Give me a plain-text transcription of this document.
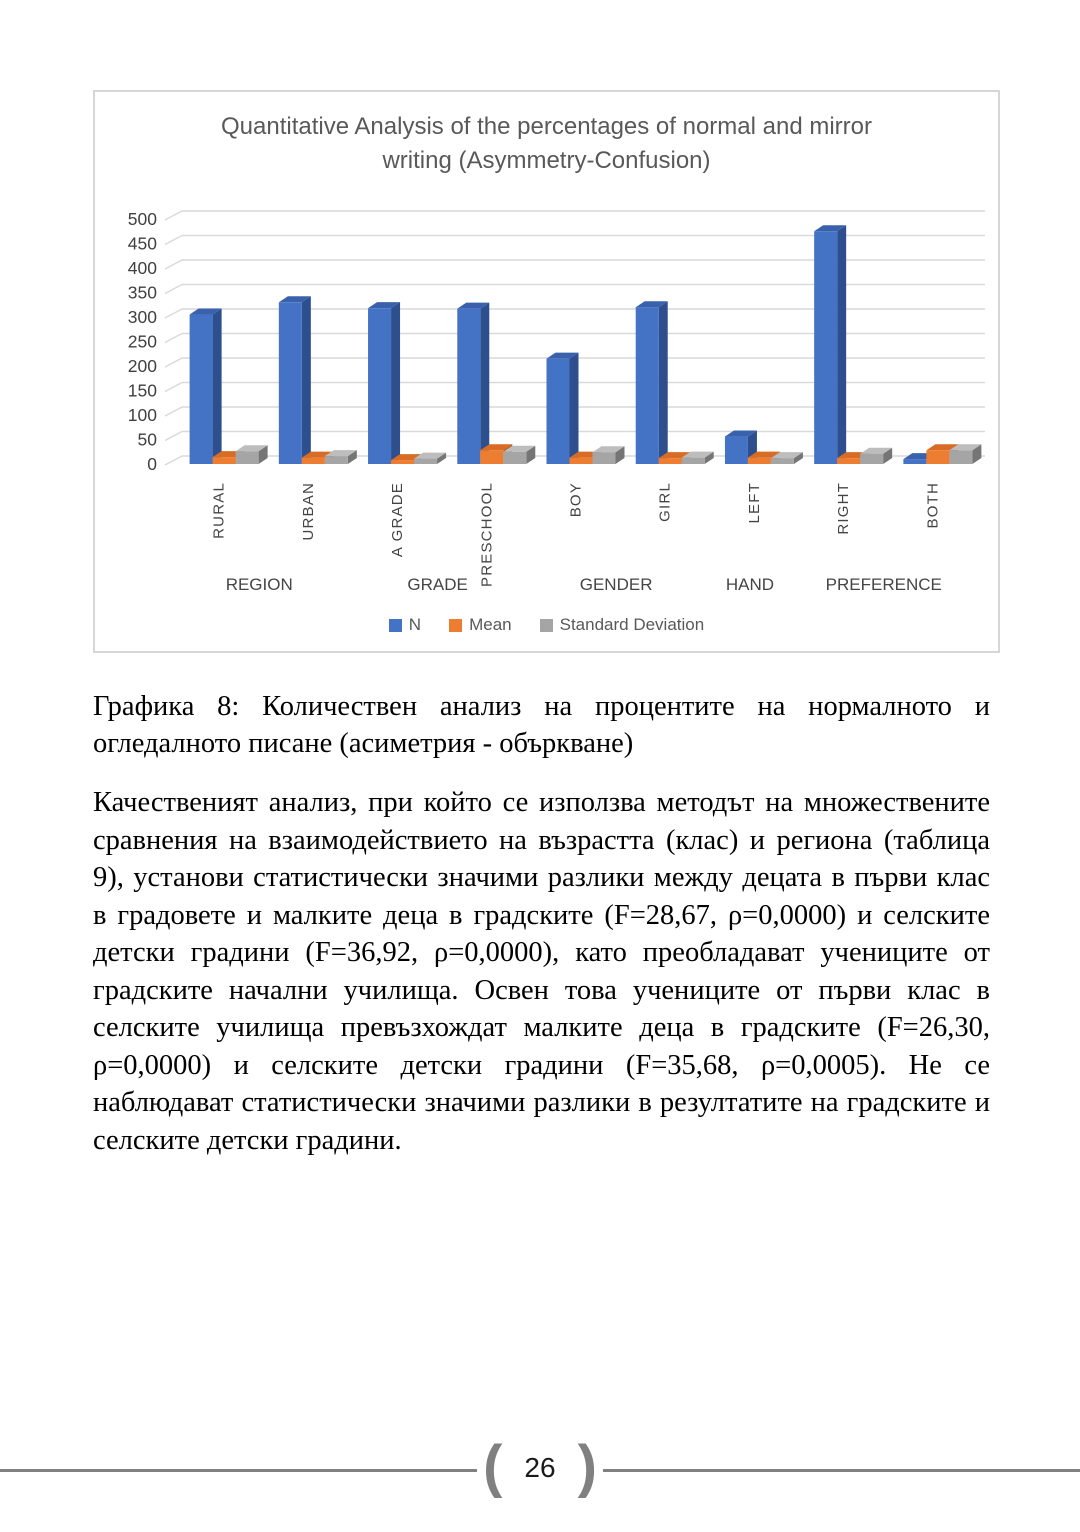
0
50
100
150
200
250
300
350
400
450
500
RURAL	URBAN	A GRADE	PRESCHOOL	BOY	GIRL	LEFT	RIGHT	BOTH
REGION	GRADE	GENDER	HAND	PREFERENCE
Quantitative Analysis of the percentages of normal and mirror
writing (Asymmetry-Confusion)
N	Mean	Standard Deviation

Графика 8: Количествен анализ на процентите на нормалното и огледалното писане (асиметрия - объркване)

Качественият анализ, при който се използва методът на множествените сравнения на взаимодействието на възрастта (клас) и региона (таблица 9), установи статистически значими разлики между децата в първи клас в градовете и малките деца в градските (F=28,67, ρ=0,0000) и селските детски градини (F=36,92, ρ=0,0000), като преобладават учениците от градските начални училища. Освен това учениците от първи клас в селските училища превъзхождат малките деца в градските (F=26,30, ρ=0,0000) и селските детски градини (F=35,68, ρ=0,0005). Не се наблюдават статистически значими разлики в резултатите на градските и селските детски градини.

( 26 )
